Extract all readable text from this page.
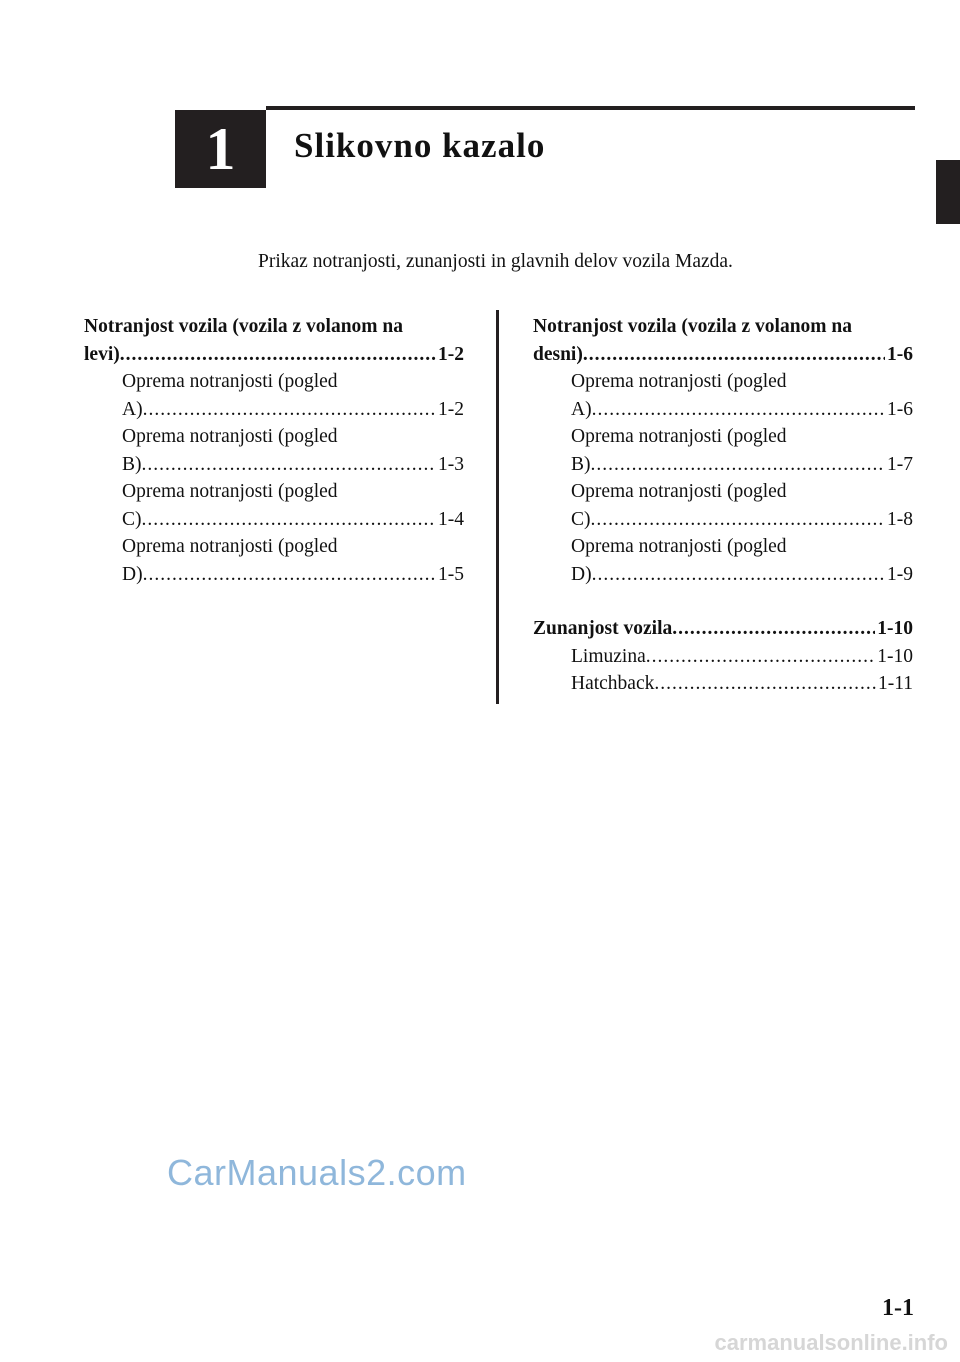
1 Slikovno kazalo
Prikaz notranjosti, zunanjosti in glavnih delov vozila Mazda.
Notranjost vozila (vozila z volanom na
levi) .....	1-2
Oprema notranjosti (pogled
A) .....	1-2
Oprema notranjosti (pogled
B) .....	1-3
Oprema notranjosti (pogled
C) .....	1-4
Oprema notranjosti (pogled
D) .....	1-5
Notranjost vozila (vozila z volanom na
desni) .....	1-6
Oprema notranjosti (pogled
A) .....	1-6
Oprema notranjosti (pogled
B) .....	1-7
Oprema notranjosti (pogled
C) .....	1-8
Oprema notranjosti (pogled
D) .....	1-9
Zunanjost vozila .....	1-10
Limuzina .....	1-10
Hatchback .....	1-11
CarManuals2.com
1-1
carmanualsonline.info
